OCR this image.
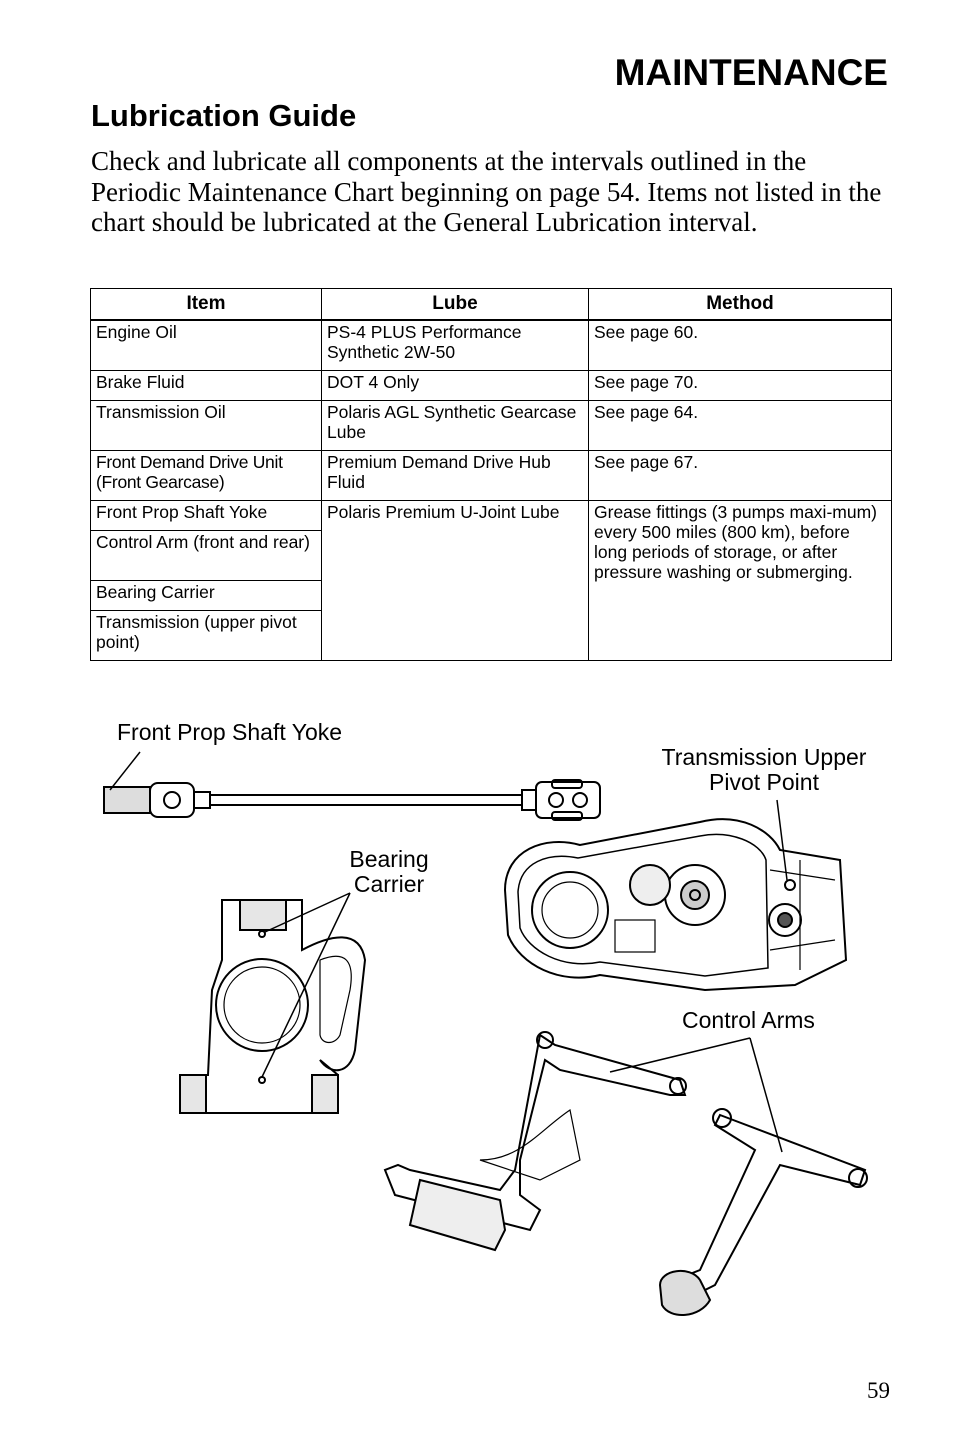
MAINTENANCE
Lubrication Guide

Check and lubricate all components at the intervals outlined in the Periodic Maintenance Chart beginning on page 54. Items not listed in the chart should be lubricated at the General Lubrication interval.

Item	Lube	Method
Engine Oil	PS-4 PLUS Performance Synthetic 2W-50	See page 60.
Brake Fluid	DOT 4 Only	See page 70.
Transmission Oil	Polaris AGL Synthetic Gearcase Lube	See page 64.
Front Demand Drive Unit (Front Gearcase)	Premium Demand Drive Hub Fluid	See page 67.
Front Prop Shaft Yoke	Polaris Premium U-Joint Lube	Grease fittings (3 pumps maxi-mum) every 500 miles (800 km), before long periods of storage, or after pressure washing or submerging.
Control Arm (front and rear)		
Bearing Carrier		
Transmission (upper pivot point)		
Front Prop Shaft Yoke
Transmission Upper
Pivot Point
Bearing
Carrier
Control Arms

59
